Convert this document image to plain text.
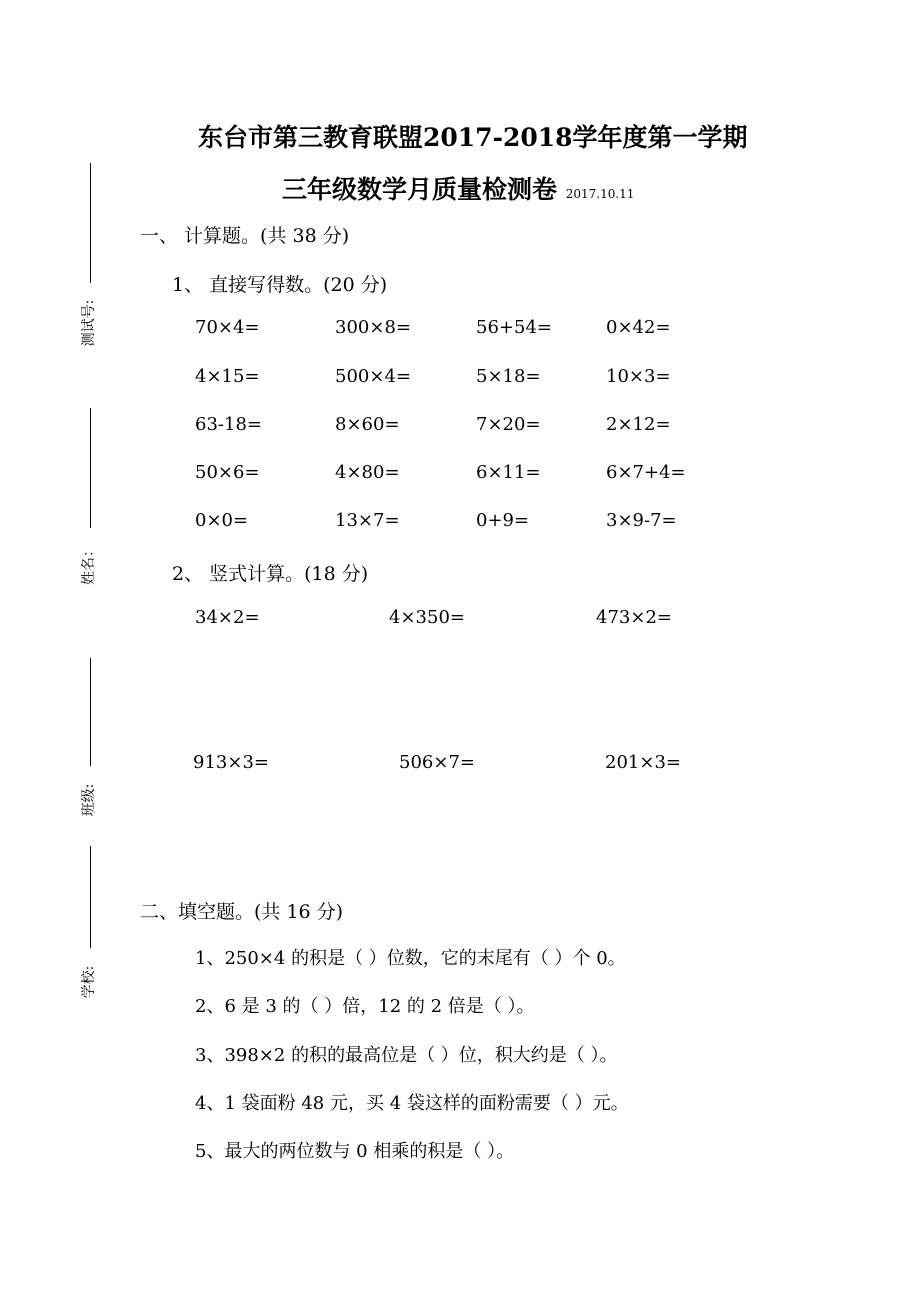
东台市第三教育联盟2017-2018学年度第一学期
三年级数学月质量检测卷 2017.10.11
测试号:
姓名：
班级:
学校:
一、 计算题。(共 38 分)
1、 直接写得数。(20 分)
70×4=	300×8=	56+54=	0×42=
4×15=	500×4=	5×18=	10×3=
63-18=	8×60=	7×20=	2×12=
50×6=	4×80=	6×11=	6×7+4=
0×0=	13×7=	0+9=	3×9-7=
2、 竖式计算。(18 分)
34×2=	4×350=	473×2=
913×3=	506×7=	201×3=
二、填空题。(共 16 分)
1、250×4 的积是（ ）位数，它的末尾有（ ）个 0。
2、6 是 3 的（ ）倍，12 的 2 倍是（ ）。
3、398×2 的积的最高位是（ ）位，积大约是（ ）。
4、1 袋面粉 48 元，买 4 袋这样的面粉需要（ ）元。
5、最大的两位数与 0 相乘的积是（ ）。
